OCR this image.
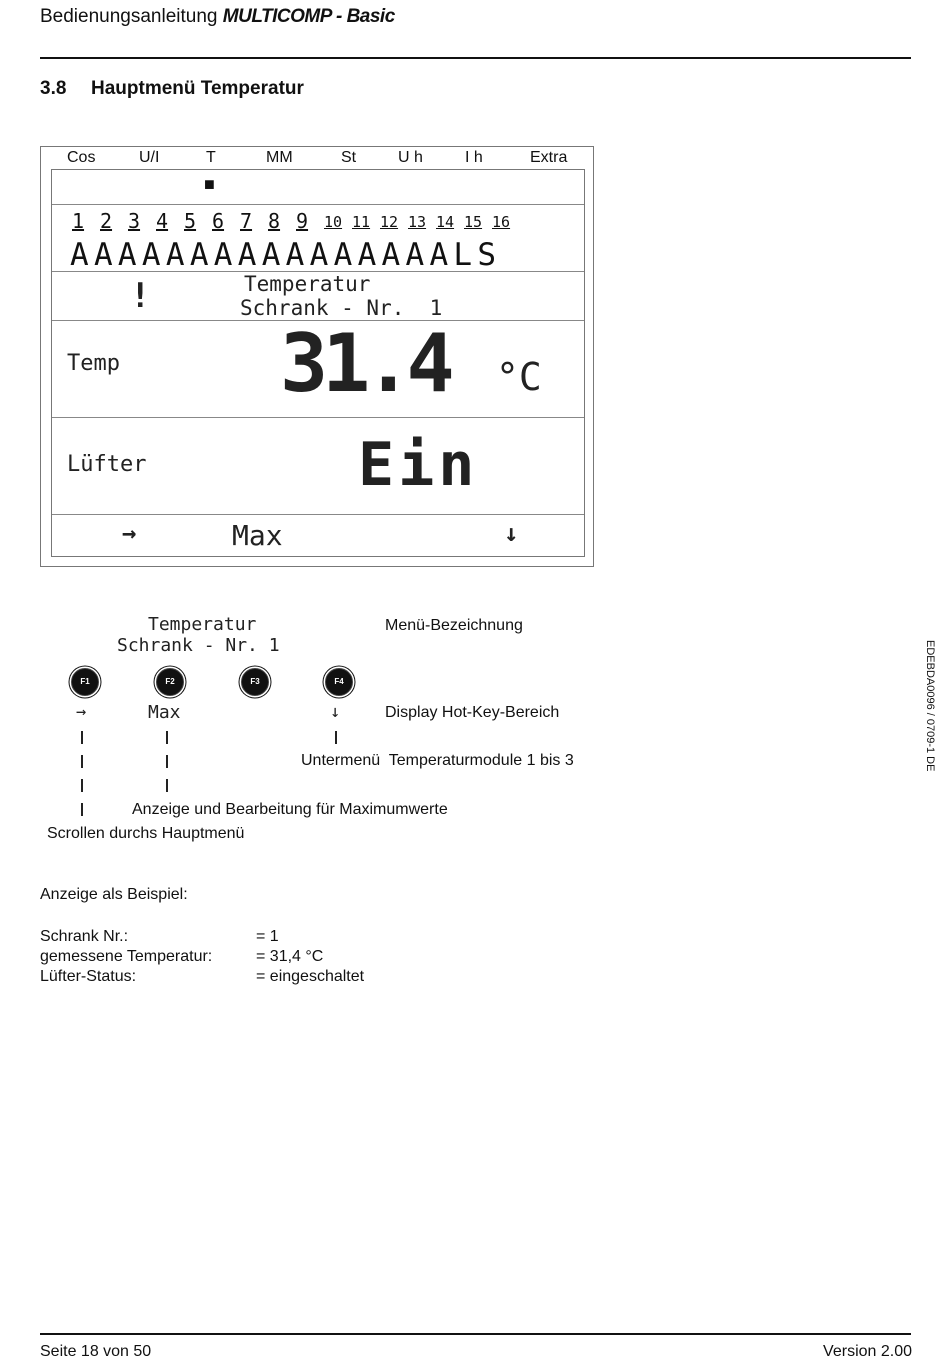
Bedienungsanleitung MULTICOMP - Basic
3.8 Hauptmenü Temperatur
Cos	U/I	T	MM	St	U h	I h	Extra
■
1 2 3 4 5 6 7 8 9 10 11 12 13 14 15 16
AAAAAAAAAAAAAAAALS
!	Temperatur
Schrank - Nr.  1
Temp 31.4 °C
Lüfter	Ein
→	Max	↓
Temperatur
Schrank - Nr. 1
Menü-Bezeichnung
F1	F2	F3	F4
→	Max	↓	Display Hot-Key-Bereich
Untermenü  Temperaturmodule 1 bis 3
Anzeige und Bearbeitung für Maximumwerte
Scrollen durchs Hauptmenü
EDEBDA0096 / 0709-1 DE
Anzeige als Beispiel:
Schrank Nr.:	= 1
gemessene Temperatur:	= 31,4 °C
Lüfter-Status:	= eingeschaltet
Seite 18 von 50	Version 2.00
